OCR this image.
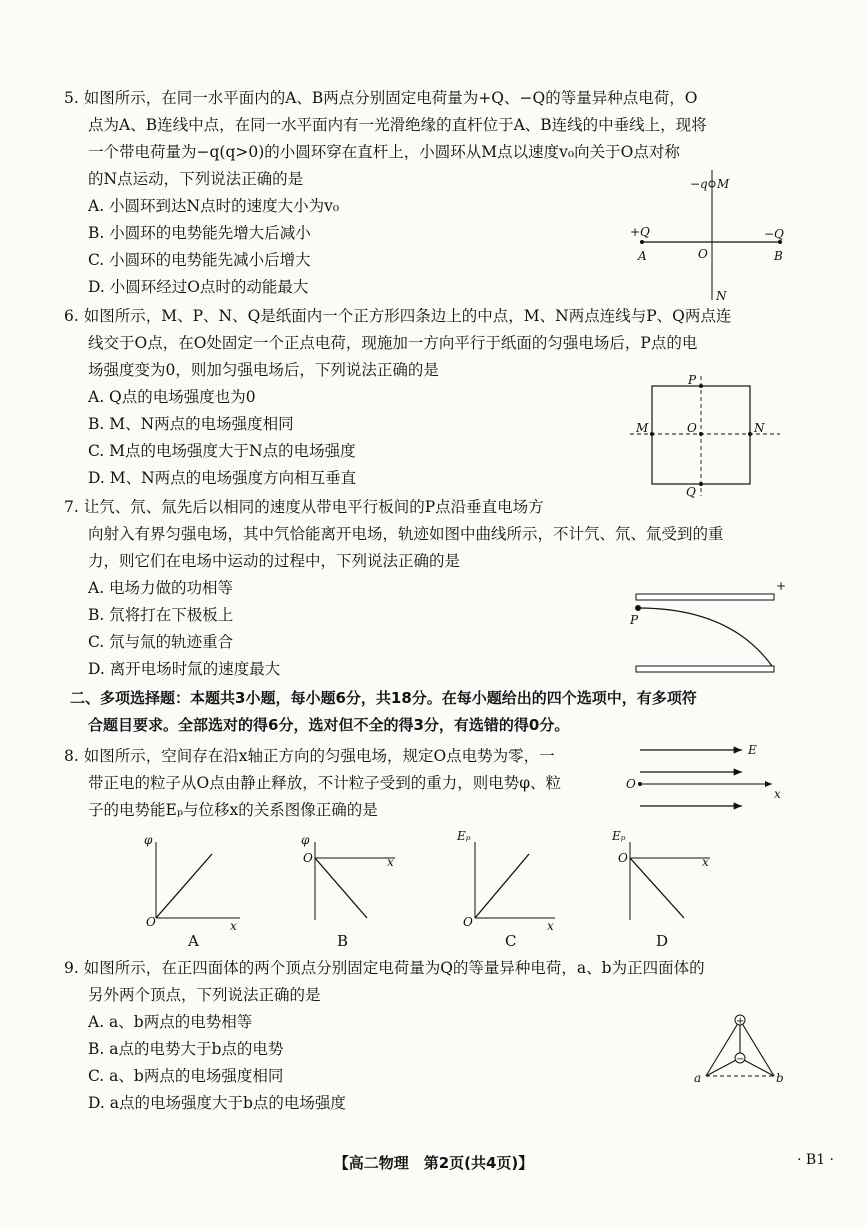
5. 如图所示，在同一水平面内的A、B两点分别固定电荷量为+Q、−Q的等量异种点电荷，O
点为A、B连线中点，在同一水平面内有一光滑绝缘的直杆位于A、B连线的中垂线上，现将
一个带电荷量为−q(q>0)的小圆环穿在直杆上，小圆环从M点以速度v₀向关于O点对称
的N点运动，下列说法正确的是
A. 小圆环到达N点时的速度大小为v₀
B. 小圆环的电势能先增大后减小
C. 小圆环的电势能先减小后增大
D. 小圆环经过O点时的动能最大
−q M
+Q	−Q
A	O	B
N
6. 如图所示，M、P、N、Q是纸面内一个正方形四条边上的中点，M、N两点连线与P、Q两点连
线交于O点，在O处固定一个正点电荷，现施加一方向平行于纸面的匀强电场后，P点的电
场强度变为0，则加匀强电场后，下列说法正确的是
A. Q点的电场强度也为0
B. M、N两点的电场强度相同
C. M点的电场强度大于N点的电场强度
D. M、N两点的电场强度方向相互垂直
P
M	O	N
Q
7. 让氕、氘、氚先后以相同的速度从带电平行板间的P点沿垂直电场方
向射入有界匀强电场，其中氕恰能离开电场，轨迹如图中曲线所示，不计氕、氘、氚受到的重
力，则它们在电场中运动的过程中，下列说法正确的是
A. 电场力做的功相等
B. 氘将打在下极板上
C. 氘与氚的轨迹重合
D. 离开电场时氚的速度最大
+
P
二、多项选择题：本题共3小题，每小题6分，共18分。在每小题给出的四个选项中，有多项符
合题目要求。全部选对的得6分，选对但不全的得3分，有选错的得0分。
8. 如图所示，空间存在沿x轴正方向的匀强电场，规定O点电势为零，一
带正电的粒子从O点由静止释放，不计粒子受到的重力，则电势φ、粒
子的电势能Eₚ与位移x的关系图像正确的是
E
O
x
φ
O	x
A
φ
O	x
B
Eₚ
O	x
C
Eₚ
O	x
D
9. 如图所示，在正四面体的两个顶点分别固定电荷量为Q的等量异种电荷，a、b为正四面体的
另外两个顶点，下列说法正确的是
A. a、b两点的电势相等
B. a点的电势大于b点的电势
C. a、b两点的电场强度相同
D. a点的电场强度大于b点的电场强度
+
−
a	b
【高二物理　第2页(共4页)】	· B1 ·
